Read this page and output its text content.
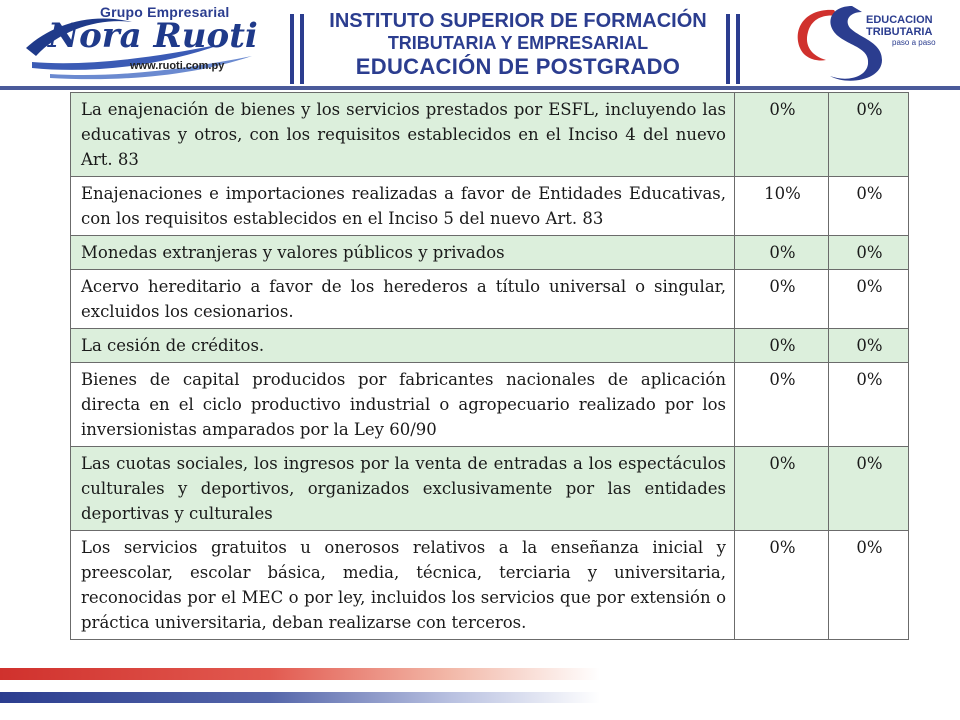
Grupo Empresarial
Nora Ruoti
www.ruoti.com.py
INSTITUTO SUPERIOR DE FORMACIÓN
TRIBUTARIA Y EMPRESARIAL
EDUCACIÓN DE POSTGRADO
EDUCACION
TRIBUTARIA
paso a paso
La enajenación de bienes y los servicios prestados por ESFL, incluyendo las educativas y otros, con los requisitos establecidos en el Inciso 4 del nuevo Art. 83	0%	0%
Enajenaciones e importaciones realizadas a favor de Entidades Educativas, con los requisitos establecidos en el Inciso 5 del nuevo Art. 83	10%	0%
Monedas extranjeras y valores públicos y privados	0%	0%
Acervo hereditario a favor de los herederos a título universal o singular, excluidos los cesionarios.	0%	0%
La cesión de créditos.	0%	0%
Bienes de capital producidos por fabricantes nacionales de aplicación directa en el ciclo productivo industrial o agropecuario realizado por los inversionistas amparados por la Ley 60/90	0%	0%
Las cuotas sociales, los ingresos por la venta de entradas a los espectáculos culturales y deportivos, organizados exclusivamente por las entidades deportivas y culturales	0%	0%
Los servicios gratuitos u onerosos relativos a la enseñanza inicial y preescolar, escolar básica, media, técnica, terciaria y universitaria, reconocidas por el MEC o por ley, incluidos los servicios que por extensión o práctica universitaria, deban realizarse con terceros.	0%	0%
